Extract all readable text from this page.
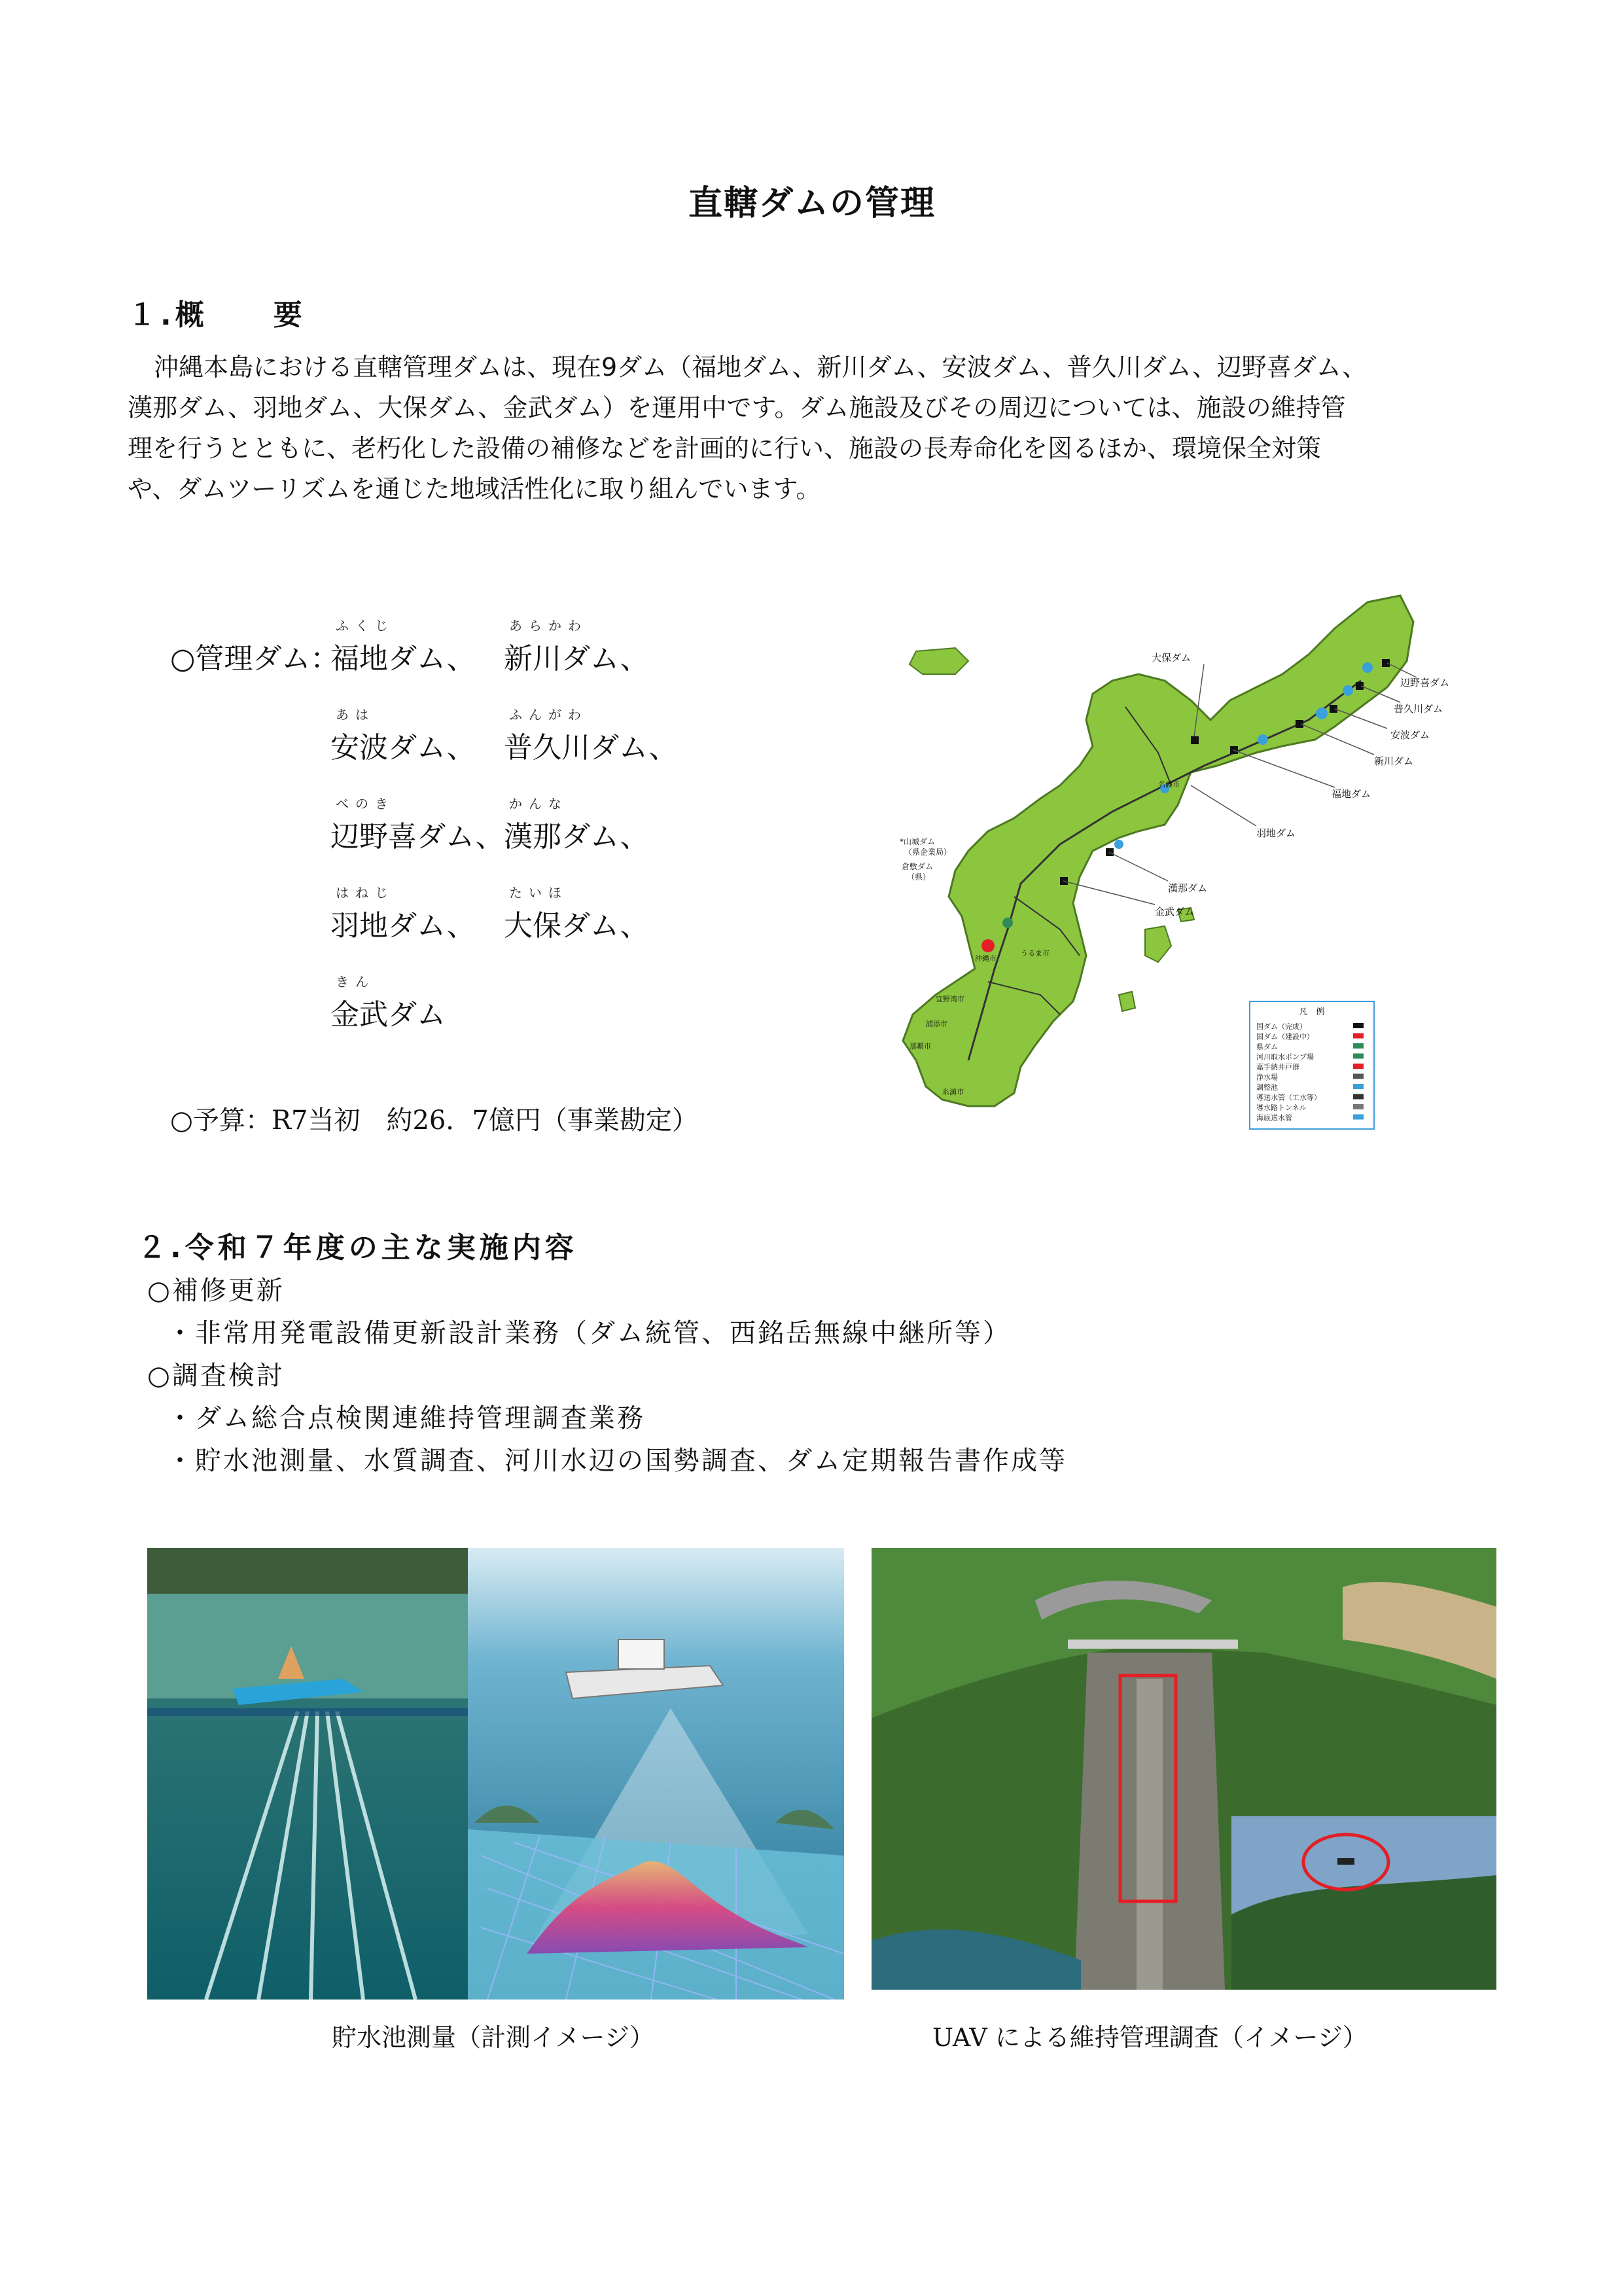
直轄ダムの管理
１.概　　要

沖縄本島における直轄管理ダムは、現在9ダム（福地ダム、新川ダム、安波ダム、普久川ダム、辺野喜ダム、

漢那ダム、羽地ダム、大保ダム、金武ダム）を運用中です。ダム施設及びその周辺については、施設の維持管

理を行うとともに、老朽化した設備の補修などを計画的に行い、施設の長寿命化を図るほか、環境保全対策

や、ダムツーリズムを通じた地域活性化に取り組んでいます。

○管理ダム：
ふくじ
福地ダム、
あらかわ
新川ダム、
あは
安波ダム、
ふんがわ
普久川ダム、
べのき
辺野喜ダム、
かんな
漢那ダム、
はねじ
羽地ダム、
たいほ
大保ダム、
きん
金武ダム
○予算：R7当初　約26．7億円（事業勘定）
大保ダム
辺野喜ダム
普久川ダム
安波ダム
新川ダム
福地ダム
羽地ダム
漢那ダム
金武ダム
*山城ダム
（県企業局）
倉敷ダム
（県）
名護市
沖縄市
うるま市
宜野湾市
浦添市
那覇市
糸満市
凡　例
国ダム（完成）
国ダム（建設中）
県ダム
河川取水ポンプ場
嘉手納井戸群
浄水場
調整池
導送水管（工水等）
導水路トンネル
海底送水管
２.令和７年度の主な実施内容
○補修更新
・非常用発電設備更新設計業務（ダム統管、西銘岳無線中継所等）
○調査検討
・ダム総合点検関連維持管理調査業務
・貯水池測量、水質調査、河川水辺の国勢調査、ダム定期報告書作成等
貯水池測量（計測イメージ）	UAV による維持管理調査（イメージ）
